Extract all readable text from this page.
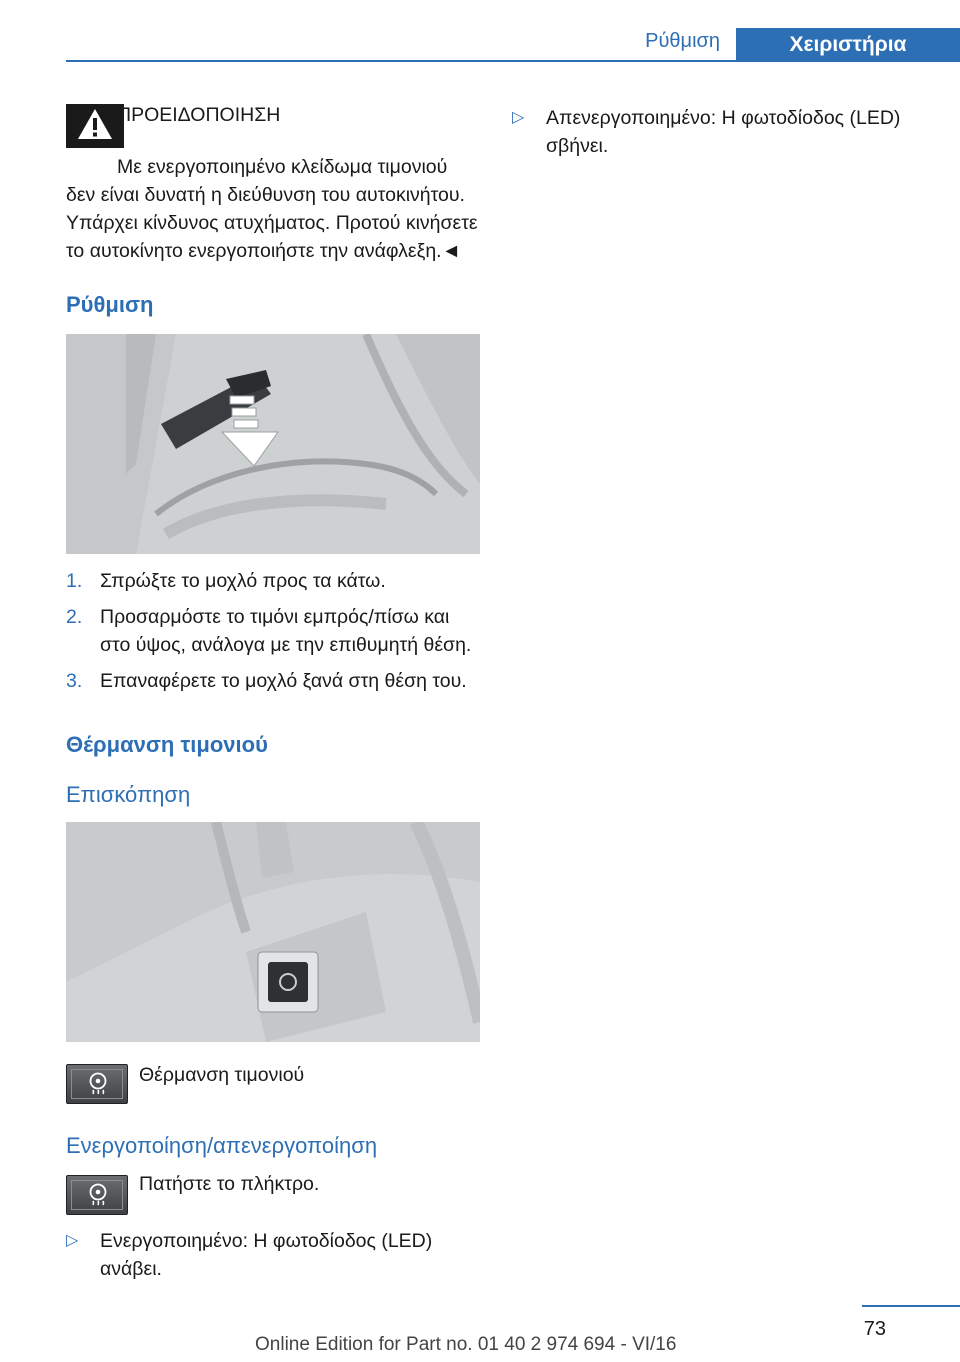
Ρύθμιση	Χειριστήρια
ΠΡΟΕΙΔΟΠΟΙΗΣΗ

Με ενεργοποιημένο κλείδωμα τιμονιού δεν είναι δυνατή η διεύθυνση του αυτοκινήτου. Υπάρχει κίνδυνος ατυχήματος. Προτού κινήσετε το αυτοκίνητο ενεργοποιήστε την ανάφλεξη.◄

Ρύθμιση
1. Σπρώξτε το μοχλό προς τα κάτω.
2. Προσαρμόστε το τιμόνι εμπρός/πίσω και στο ύψος, ανάλογα με την επιθυμητή θέση.
3. Επαναφέρετε το μοχλό ξανά στη θέση του.
Θέρμανση τιμονιού
Επισκόπηση
Θέρμανση τιμονιού
Ενεργοποίηση/απενεργοποίηση
Πατήστε το πλήκτρο.
▷ Ενεργοποιημένο: Η φωτοδίοδος (LED) ανάβει.
▷ Απενεργοποιημένο: Η φωτοδίοδος (LED) σβήνει.
73
Online Edition for Part no. 01 40 2 974 694 - VI/16
